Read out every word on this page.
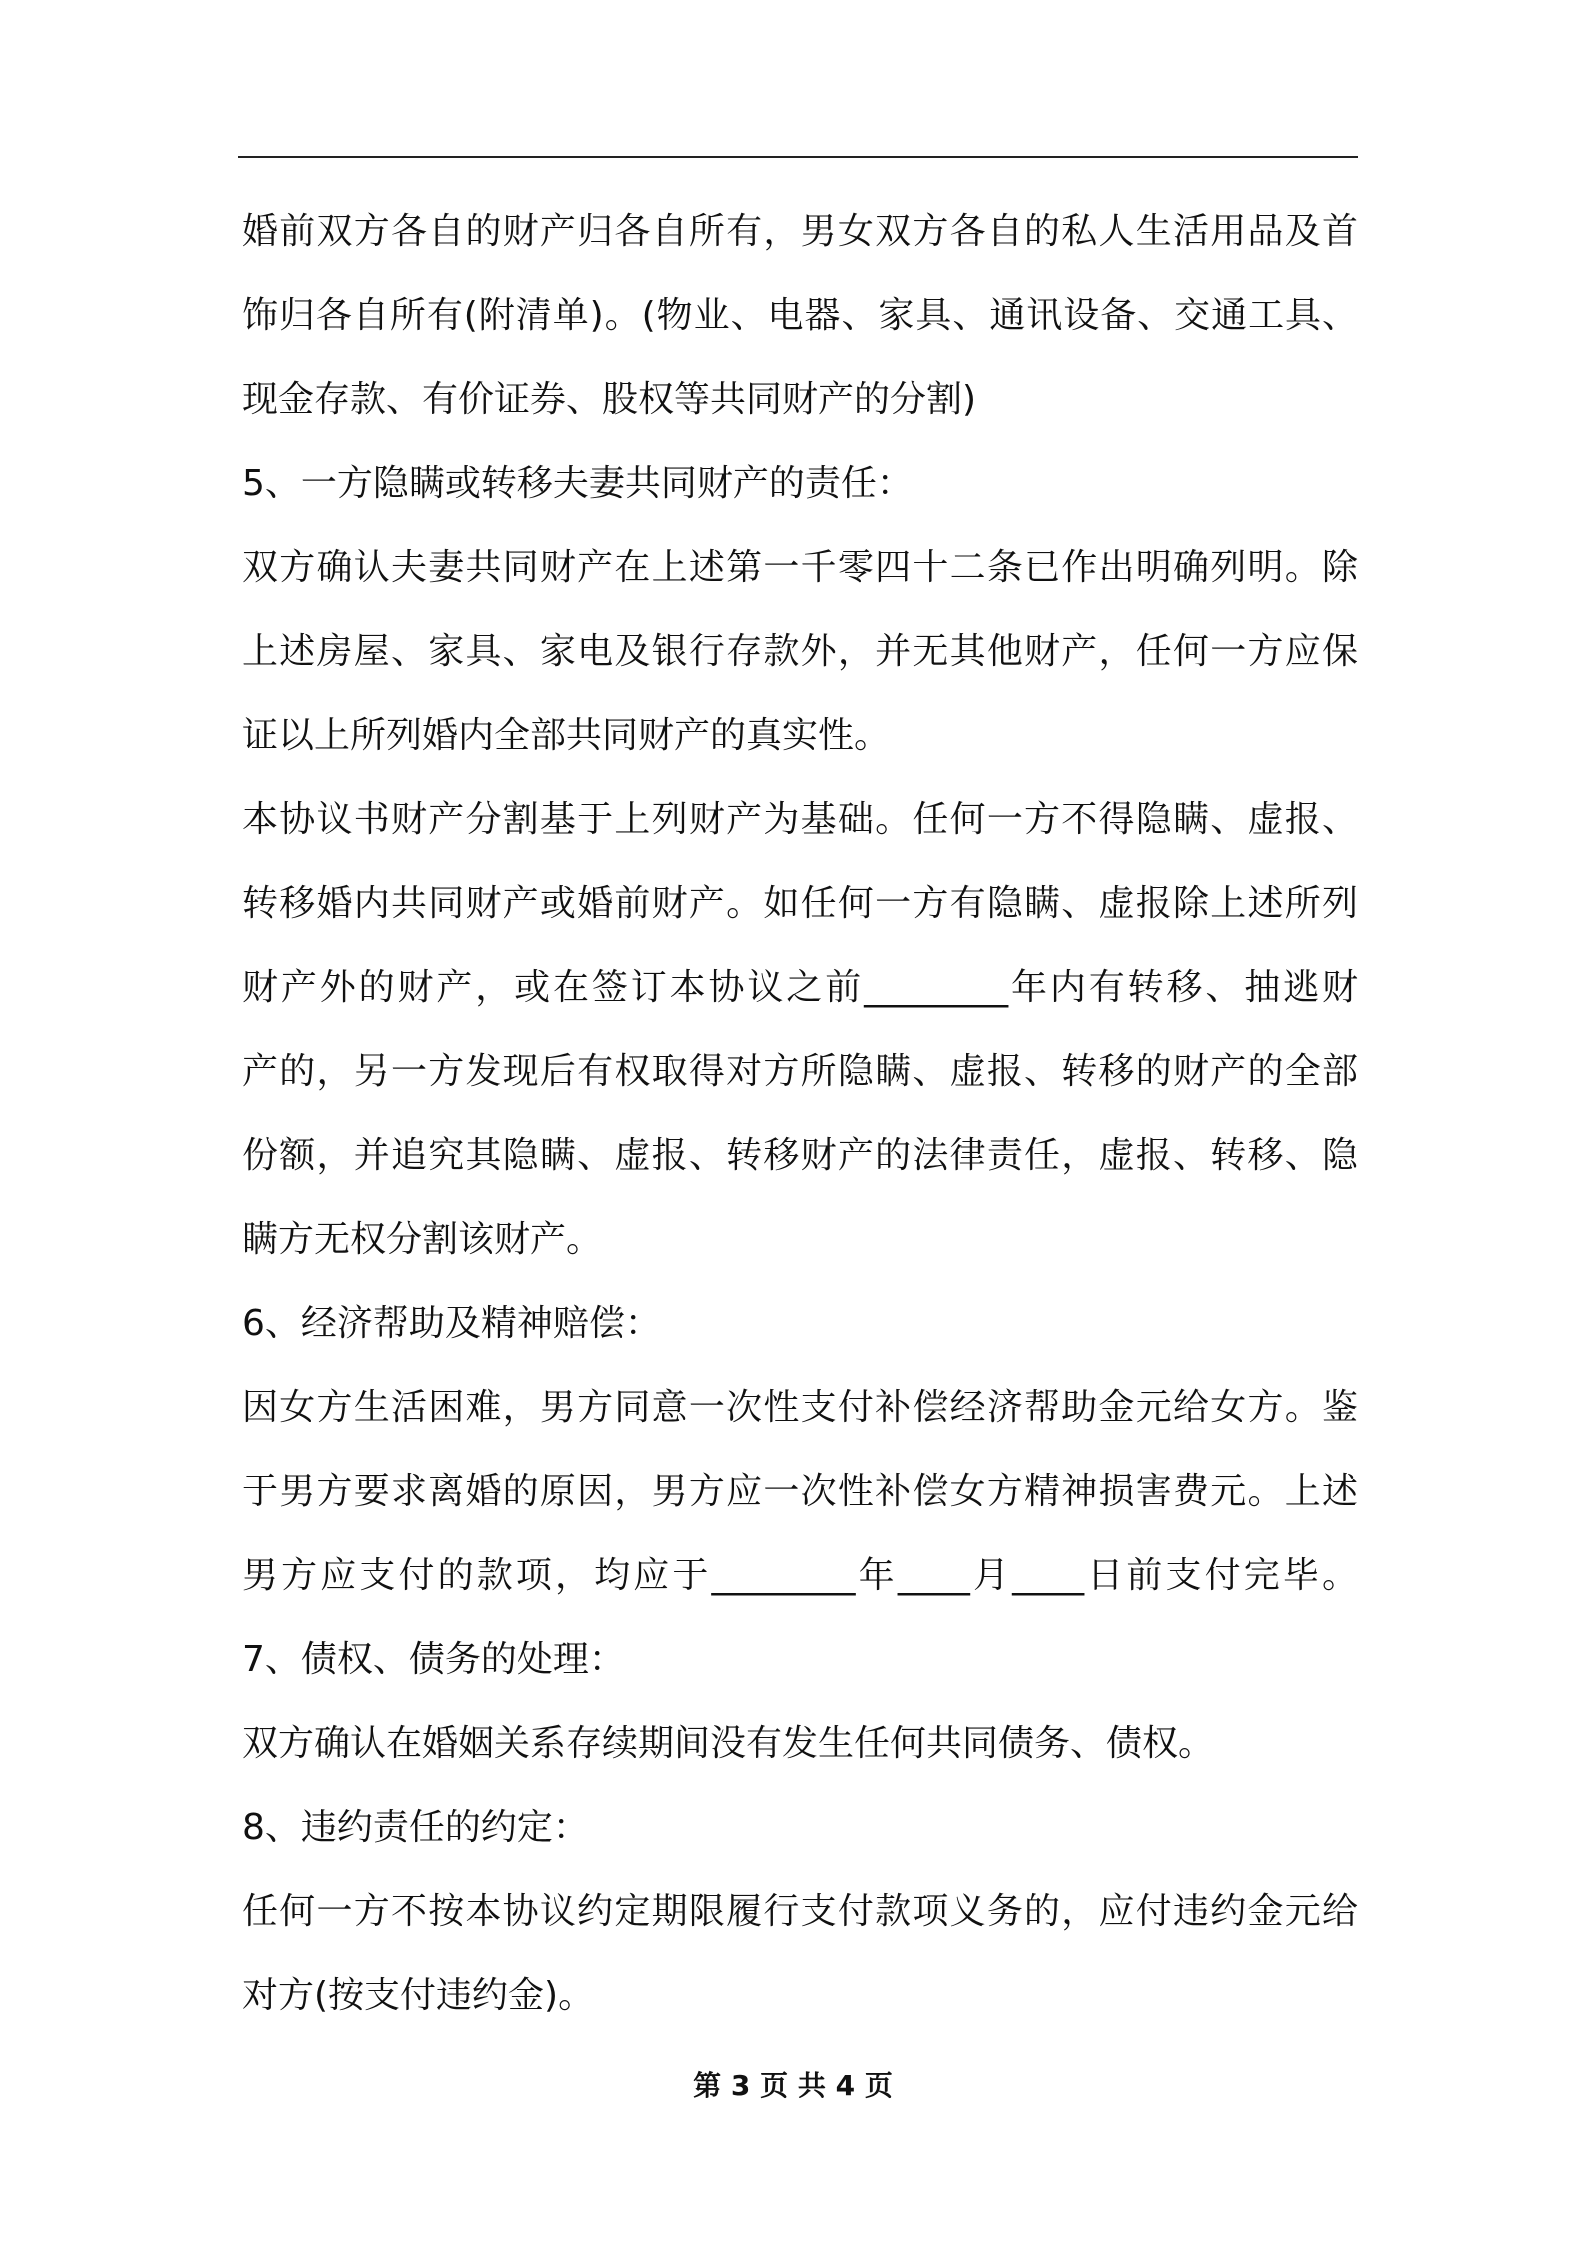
婚前双方各自的财产归各自所有，男女双方各自的私人生活用品及首
饰归各自所有(附清单)。(物业、电器、家具、通讯设备、交通工具、
现金存款、有价证券、股权等共同财产的分割)
5、一方隐瞒或转移夫妻共同财产的责任：
双方确认夫妻共同财产在上述第一千零四十二条已作出明确列明。除
上述房屋、家具、家电及银行存款外，并无其他财产，任何一方应保
证以上所列婚内全部共同财产的真实性。
本协议书财产分割基于上列财产为基础。任何一方不得隐瞒、虚报、
转移婚内共同财产或婚前财产。如任何一方有隐瞒、虚报除上述所列
财产外的财产，或在签订本协议之前________年内有转移、抽逃财
产的，另一方发现后有权取得对方所隐瞒、虚报、转移的财产的全部
份额，并追究其隐瞒、虚报、转移财产的法律责任，虚报、转移、隐
瞒方无权分割该财产。
6、经济帮助及精神赔偿：
因女方生活困难，男方同意一次性支付补偿经济帮助金元给女方。鉴
于男方要求离婚的原因，男方应一次性补偿女方精神损害费元。上述
男方应支付的款项，均应于________年____月____日前支付完毕。
7、债权、债务的处理：
双方确认在婚姻关系存续期间没有发生任何共同债务、债权。
8、违约责任的约定：
任何一方不按本协议约定期限履行支付款项义务的，应付违约金元给
对方(按支付违约金)。
第 3 页 共 4 页
